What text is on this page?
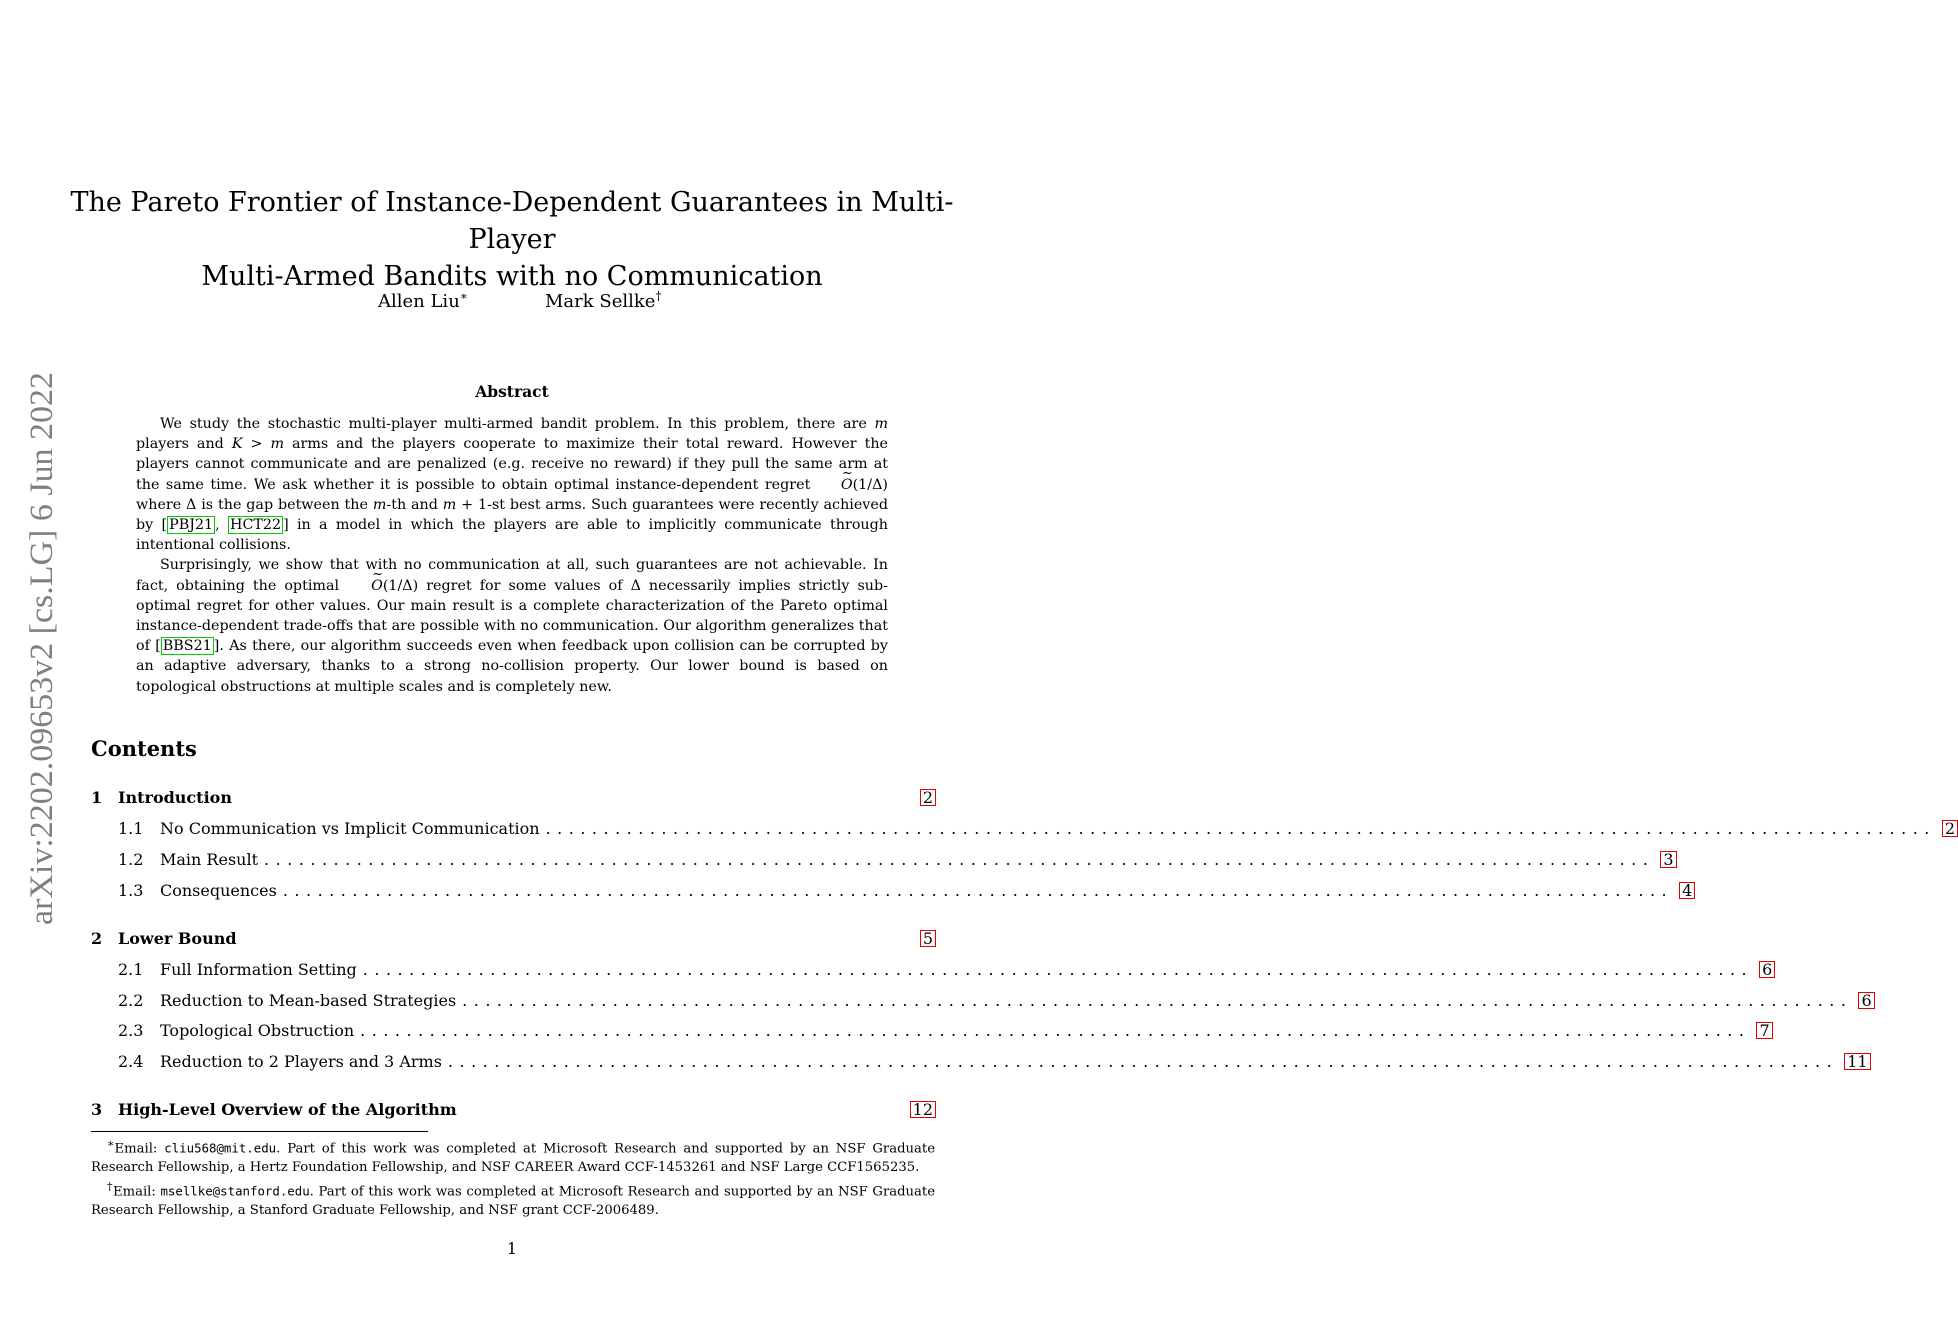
arXiv:2202.09653v2 [cs.LG] 6 Jun 2022
The Pareto Frontier of Instance-Dependent Guarantees in Multi-Player
Multi-Armed Bandits with no Communication
Allen Liu∗	Mark Sellke†
Abstract

We study the stochastic multi-player multi-armed bandit problem. In this problem, there are m players and K > m arms and the players cooperate to maximize their total reward. However the players cannot communicate and are penalized (e.g. receive no reward) if they pull the same arm at the same time. We ask whether it is possible to obtain optimal instance-dependent regret ~ O(1/Δ) where Δ is the gap between the m-th and m + 1-st best arms. Such guarantees were recently achieved by [ PBJ21 , HCT22 ] in a model in which the players are able to implicitly communicate through intentional collisions.

Surprisingly, we show that with no communication at all, such guarantees are not achievable. In fact, obtaining the optimal ~ O(1/Δ) regret for some values of Δ necessarily implies strictly sub-optimal regret for other values. Our main result is a complete characterization of the Pareto optimal instance-dependent trade-offs that are possible with no communication. Our algorithm generalizes that of [ BBS21 ]. As there, our algorithm succeeds even when feedback upon collision can be corrupted by an adaptive adversary, thanks to a strong no-collision property. Our lower bound is based on topological obstructions at multiple scales and is completely new.

Contents
1 Introduction	2
1.1	No Communication vs Implicit Communication ........................................................................................................................ 2
1.2	Main Result ........................................................................................................................ 3
1.3	Consequences ........................................................................................................................ 4
2 Lower Bound	5
2.1	Full Information Setting ........................................................................................................................ 6
2.2	Reduction to Mean-based Strategies ........................................................................................................................ 6
2.3	Topological Obstruction ........................................................................................................................ 7
2.4	Reduction to 2 Players and 3 Arms ........................................................................................................................ 11
3 High-Level Overview of the Algorithm	12

∗Email: cliu568@mit.edu. Part of this work was completed at Microsoft Research and supported by an NSF Graduate Research Fellowship, a Hertz Foundation Fellowship, and NSF CAREER Award CCF-1453261 and NSF Large CCF1565235.

†Email: msellke@stanford.edu. Part of this work was completed at Microsoft Research and supported by an NSF Graduate Research Fellowship, a Stanford Graduate Fellowship, and NSF grant CCF-2006489.

1
